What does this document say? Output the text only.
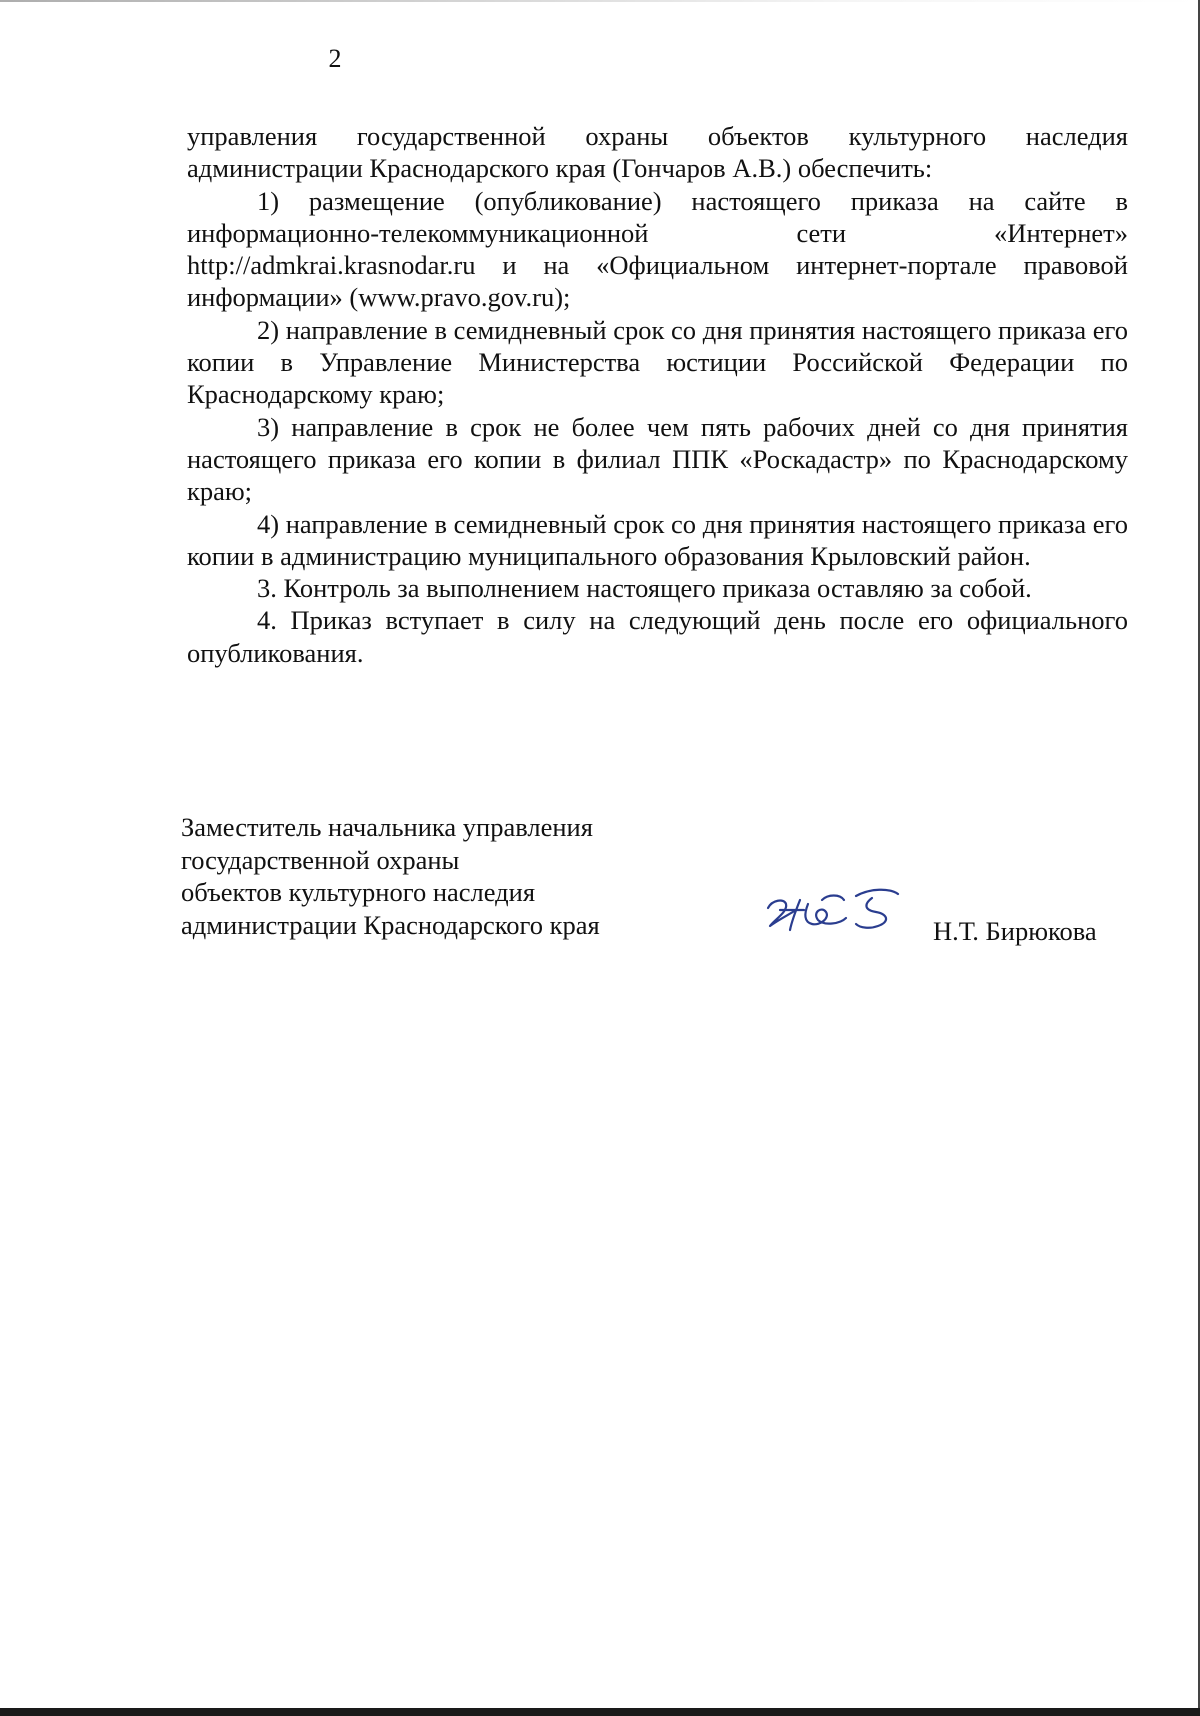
2

управления государственной охраны объектов культурного наследия администрации Краснодарского края (Гончаров А.В.) обеспечить:

1) размещение (опубликование) настоящего приказа на сайте в информационно-телекоммуникационной сети «Интернет» http://admkrai.krasnodar.ru и на «Официальном интернет-портале правовой информации» (www.pravo.gov.ru);

2) направление в семидневный срок со дня принятия настоящего приказа его копии в Управление Министерства юстиции Российской Федерации по Краснодарскому краю;

3) направление в срок не более чем пять рабочих дней со дня принятия настоящего приказа его копии в филиал ППК «Роскадастр» по Краснодарскому краю;

4) направление в семидневный срок со дня принятия настоящего приказа его копии в администрацию муниципального образования Крыловский район.

3. Контроль за выполнением настоящего приказа оставляю за собой.

4. Приказ вступает в силу на следующий день после его официального опубликования.

Заместитель начальника управления
государственной охраны
объектов культурного наследия
администрации Краснодарского края	Н.Т. Бирюкова
